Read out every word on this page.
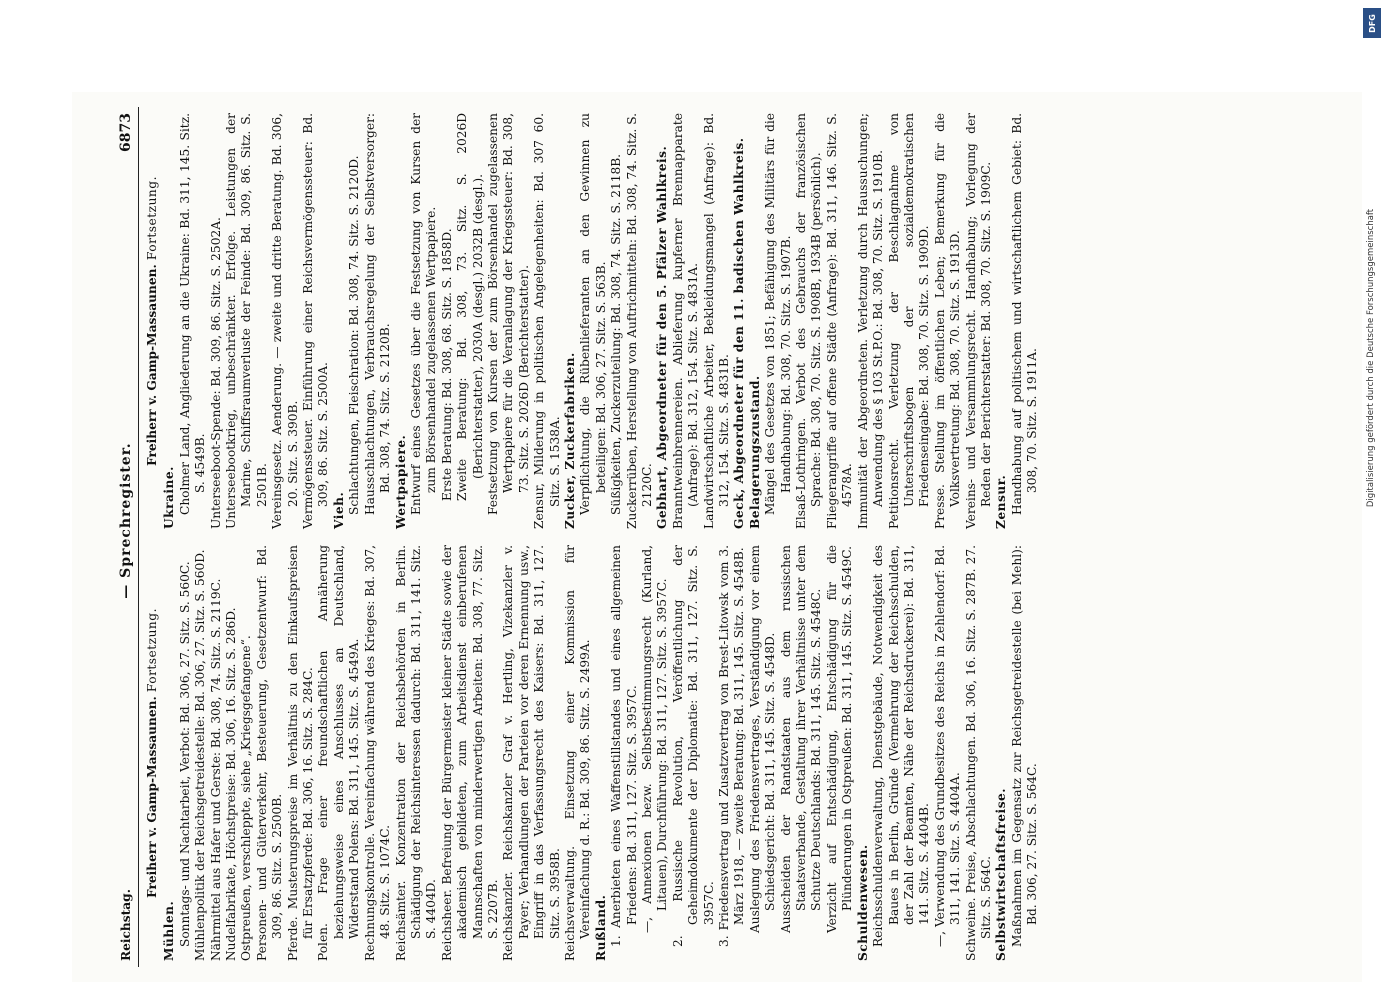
Reichstag.
— Sprechregister.
6873
Freiherr v. Gamp-Massaunen. Fortsetzung.

Mühlen. Sonntags- und Nachtarbeit, Verbot: Bd. 306, 27. Sitz. S. 560C. Mühlenpolitik der Reichsgetreidestelle: Bd. 306, 27. Sitz. S. 560D. Nährmittel aus Hafer und Gerste: Bd. 308, 74. Sitz. S. 2119C. Nudelfabrikate, Höchstpreise: Bd. 306, 16. Sitz. S. 286D. Ostpreußen, verschleppte, siehe „Kriegsgefangene“. Personen- und Güterverkehr, Besteuerung, Gesetzentwurf: Bd. 309, 86. Sitz. S. 2500B. Pferde. Musterungspreise im Verhältnis zu den Einkaufspreisen für Ersatzpferde: Bd. 306, 16. Sitz. S. 284C. Polen. Frage einer freundschaftlichen Annäherung beziehungsweise eines Anschlusses an Deutschland, Widerstand Polens: Bd. 311, 145. Sitz. S. 4549A. Rechnungskontrolle. Vereinfachung während des Krieges: Bd. 307, 48. Sitz. S. 1074C. Reichsämter. Konzentration der Reichsbehörden in Berlin. Schädigung der Reichsinteressen dadurch: Bd. 311, 141. Sitz. S. 4404D. Reichsheer. Befreiung der Bürgermeister kleiner Städte sowie der akademisch gebildeten, zum Arbeitsdienst einberufenen Mannschaften von minderwertigen Arbeiten: Bd. 308, 77. Sitz. S. 2207B. Reichskanzler. Reichskanzler Graf v. Hertling, Vizekanzler v. Payer; Verhandlungen der Parteien vor deren Ernennung usw., Eingriff in das Verfassungsrecht des Kaisers: Bd. 311, 127. Sitz. S. 3958B. Reichsverwaltung. Einsetzung einer Kommission für Vereinfachung d. R.: Bd. 309, 86. Sitz. S. 2499A. Rußland. 1. Anerbieten eines Waffenstillstandes und eines allgemeinen Friedens: Bd. 311, 127. Sitz. S. 3957C. —, Annexionen bezw. Selbstbestimmungsrecht (Kurland, Litauen), Durchführung: Bd. 311, 127. Sitz. S. 3957C. 2. Russische Revolution, Veröffentlichung der Geheimdokumente der Diplomatie: Bd. 311, 127. Sitz. S. 3957C. 3. Friedensvertrag und Zusatzvertrag von Brest-Litowsk vom 3. März 1918, — zweite Beratung: Bd. 311, 145. Sitz. S. 4548B. Auslegung des Friedensvertrages, Verständigung vor einem Schiedsgericht: Bd. 311, 145. Sitz. S. 4548D. Ausscheiden der Randstaaten aus dem russischen Staatsverbande, Gestaltung ihrer Verhältnisse unter dem Schutze Deutschlands: Bd. 311, 145. Sitz. S. 4548C. Verzicht auf Entschädigung, Entschädigung für die Plünderungen in Ostpreußen: Bd. 311, 145. Sitz. S. 4549C. Schuldenwesen. Reichsschuldenverwaltung, Dienstgebäude, Notwendigkeit des Baues in Berlin, Gründe (Vermehrung der Reichsschulden, der Zahl der Beamten, Nähe der Reichsdruckerei): Bd. 311, 141. Sitz. S. 4404B. —, Verwendung des Grundbesitzes des Reichs in Zehlendorf: Bd. 311, 141. Sitz. S. 4404A. Schweine. Preise, Abschlachtungen. Bd. 306, 16. Sitz. S. 287B. 27. Sitz. S. 564C. Selbstwirtschaftsfreise. Maßnahmen im Gegensatz zur Reichsgetreidestelle (bei Mehl): Bd. 306, 27. Sitz. S. 564C.

Freiherr v. Gamp-Massaunen. Fortsetzung.

Ukraine. Cholmer Land, Angliederung an die Ukraine: Bd. 311, 145. Sitz. S. 4549B. Unterseeboot-Spende: Bd. 309, 86. Sitz. S. 2502A. Unterseebootkrieg, unbeschränkter. Erfolge. Leistungen der Marine, Schiffsraumverluste der Feinde: Bd. 309, 86. Sitz. S. 2501B. Vereinsgesetz. Aenderung. — zweite und dritte Beratung. Bd. 306, 20. Sitz. S. 390B. Vermögenssteuer. Einführung einer Reichsvermögenssteuer: Bd. 309, 86. Sitz. S. 2500A.

Vieh. Schlachtungen, Fleischration: Bd. 308, 74. Sitz. S. 2120D. Hausschlachtungen, Verbrauchsregelung der Selbstversorger: Bd. 308, 74. Sitz. S. 2120B. Wertpapiere. Entwurf eines Gesetzes über die Festsetzung von Kursen der zum Börsenhandel zugelassenen Wertpapiere. Erste Beratung: Bd. 308, 68. Sitz. S. 1858D. Zweite Beratung: Bd. 308, 73. Sitz. S. 2026D (Berichterstatter), 2030A (desgl.) 2032B (desgl.). Festsetzung von Kursen der zum Börsenhandel zugelassenen Wertpapiere für die Veranlagung der Kriegssteuer: Bd. 308, 73. Sitz. S. 2026D (Berichterstatter). Zensur, Milderung in politischen Angelegenheiten: Bd. 307 60. Sitz. S. 1538A. Zucker, Zuckerfabriken. Verpflichtung, die Rübenlieferanten an den Gewinnen zu beteiligen: Bd. 306, 27. Sitz. S. 563B. Süßigkeiten, Zuckerzuteilung: Bd. 308, 74. Sitz. S. 2118B. Zuckerrüben, Herstellung von Auftrichmitteln: Bd. 308, 74. Sitz. S. 2120C. Gebhart, Abgeordneter für den 5. Pfälzer Wahlkreis. Branntweinbrennereien. Ablieferung kupferner Brennapparate (Anfrage): Bd. 312, 154. Sitz. S. 4831A. Landwirtschaftliche Arbeiter, Bekleidungsmangel (Anfrage): Bd. 312, 154. Sitz. S. 4831B. Geck, Abgeordneter für den 11. badischen Wahlkreis. Belagerungszustand. Mängel des Gesetzes von 1851; Befähigung des Militärs für die Handhabung: Bd. 308, 70. Sitz. S. 1907B. Elsaß-Lothringen. Verbot des Gebrauchs der französischen Sprache: Bd. 308, 70. Sitz. S. 1908B, 1934B (persönlich). Fliegerangriffe auf offene Städte (Anfrage): Bd. 311, 146. Sitz. S. 4578A. Immunität der Abgeordneten. Verletzung durch Haussuchungen; Anwendung des § 103 St.P.O.: Bd. 308, 70. Sitz. S. 1910B. Petitionsrecht. Verletzung der Beschlagnahme von Unterschriftsbogen der sozialdemokratischen Friedenseingabe: Bd. 308, 70. Sitz. S. 1909D. Presse. Stellung im öffentlichen Leben; Bemerkung für die Volksvertretung: Bd. 308, 70. Sitz. S. 1913D. Vereins- und Versammlungsrecht. Handhabung; Vorlegung der Reden der Berichterstatter: Bd. 308, 70. Sitz. S. 1909C. Zensur. Handhabung auf politischem und wirtschaftlichem Gebiet: Bd. 308, 70. Sitz. S. 1911A.	Digitalisierung gefördert durch die Deutsche Forschungsgemeinschaft
DFG
